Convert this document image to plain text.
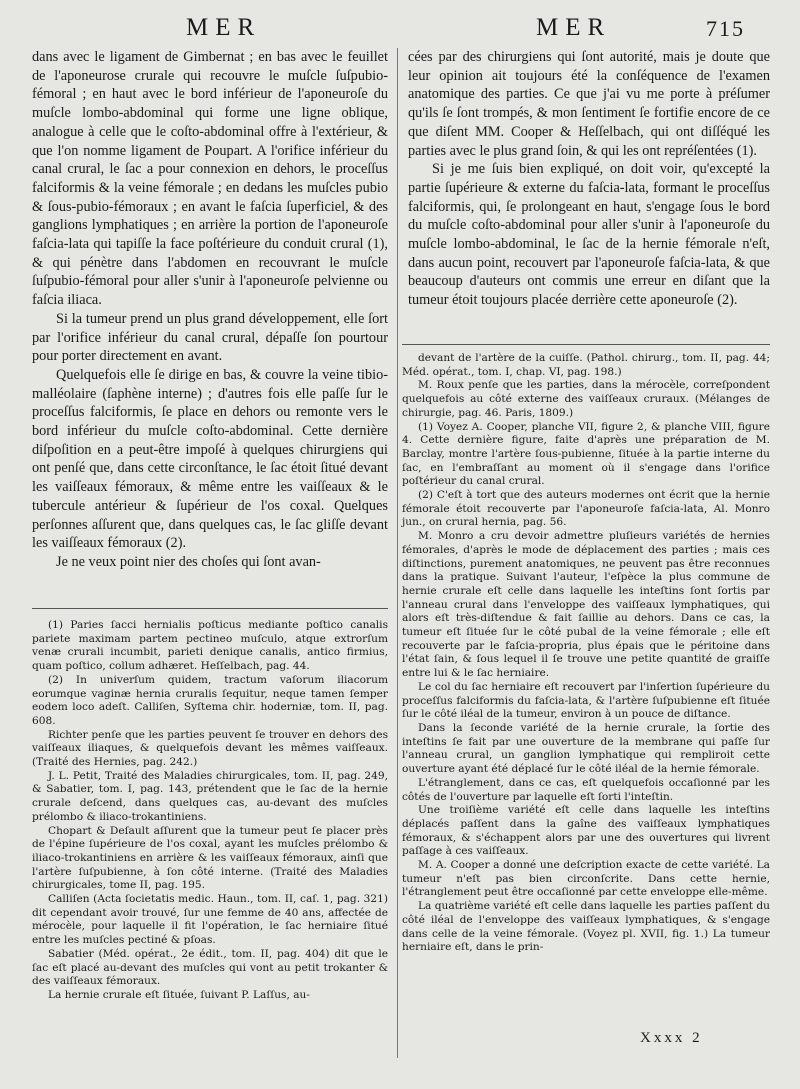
MER	MER	715

dans avec le ligament de Gimbernat ; en bas avec le feuillet de l'aponeurose crurale qui recouvre le muſcle ſuſpubio-fémoral ; en haut avec le bord inférieur de l'aponeuroſe du muſcle lombo-abdominal qui forme une ligne oblique, analogue à celle que le coſto-abdominal offre à l'extérieur, & que l'on nomme ligament de Poupart. A l'orifice inférieur du canal crural, le ſac a pour connexion en dehors, le proceſſus falciformis & la veine fémorale ; en dedans les muſcles pubio & ſous-pubio-fémoraux ; en avant le faſcia ſuperficiel, & des ganglions lymphatiques ; en arrière la portion de l'aponeuroſe faſcia-lata qui tapiſſe la face poſtérieure du conduit crural (1), & qui pénètre dans l'abdomen en recouvrant le muſcle ſuſpubio-fémoral pour aller s'unir à l'aponeuroſe pelvienne ou faſcia iliaca.

Si la tumeur prend un plus grand développement, elle ſort par l'orifice inférieur du canal crural, dépaſſe ſon pourtour pour porter directement en avant.

Quelquefois elle ſe dirige en bas, & couvre la veine tibio-malléolaire (ſaphène interne) ; d'autres fois elle paſſe ſur le proceſſus falciformis, ſe place en dehors ou remonte vers le bord inférieur du muſcle coſto-abdominal. Cette dernière diſpoſition en a peut-être impoſé à quelques chirurgiens qui ont penſé que, dans cette circonſtance, le ſac étoit ſitué devant les vaiſſeaux fémoraux, & même entre les vaiſſeaux & le tubercule antérieur & ſupérieur de l'os coxal. Quelques perſonnes aſſurent que, dans quelques cas, le ſac gliſſe devant les vaiſſeaux fémoraux (2).

Je ne veux point nier des choſes qui ſont avan-

(1) Paries ſacci hernialis poſticus mediante poſtico canalis pariete maximam partem pectineo muſculo, atque extrorſum venæ crurali incumbit, parieti denique canalis, antico firmius, quam poſtico, collum adhæret. Heſſelbach, pag. 44.

(2) In univerſum quidem, tractum vaſorum iliacorum eorumque vaginæ hernia cruralis ſequitur, neque tamen ſemper eodem loco adeſt. Calliſen, Syſtema chir. hoderniæ, tom. II, pag. 608.

Richter penſe que les parties peuvent ſe trouver en dehors des vaiſſeaux iliaques, & quelquefois devant les mêmes vaiſſeaux. (Traité des Hernies, pag. 242.)

J. L. Petit, Traité des Maladies chirurgicales, tom. II, pag. 249, & Sabatier, tom. I, pag. 143, prétendent que le ſac de la hernie crurale deſcend, dans quelques cas, au-devant des muſcles prélombo & iliaco-trokantiniens.

Chopart & Deſault aſſurent que la tumeur peut ſe placer près de l'épine ſupérieure de l'os coxal, ayant les muſcles prélombo & iliaco-trokantiniens en arrière & les vaiſſeaux fémoraux, ainſi que l'artère ſuſpubienne, à ſon côté interne. (Traité des Maladies chirurgicales, tome II, pag. 195.

Calliſen (Acta ſocietatis medic. Haun., tom. II, caſ. 1, pag. 321) dit cependant avoir trouvé, ſur une femme de 40 ans, affectée de mérocèle, pour laquelle il fit l'opération, le ſac herniaire ſitué entre les muſcles pectiné & pſoas.

Sabatier (Méd. opérat., 2e édit., tom. II, pag. 404) dit que le ſac eſt placé au-devant des muſcles qui vont au petit trokanter & des vaiſſeaux fémoraux.

La hernie crurale eſt ſituée, ſuivant P. Laſſus, au-

cées par des chirurgiens qui ſont autorité, mais je doute que leur opinion ait toujours été la conſéquence de l'examen anatomique des parties. Ce que j'ai vu me porte à préſumer qu'ils ſe ſont trompés, & mon ſentiment ſe fortifie encore de ce que diſent MM. Cooper & Heſſelbach, qui ont diſſéqué les parties avec le plus grand ſoin, & qui les ont repréſentées (1).

Si je me ſuis bien expliqué, on doit voir, qu'excepté la partie ſupérieure & externe du faſcia-lata, formant le proceſſus falciformis, qui, ſe prolongeant en haut, s'engage ſous le bord du muſcle coſto-abdominal pour aller s'unir à l'aponeuroſe du muſcle lombo-abdominal, le ſac de la hernie fémorale n'eſt, dans aucun point, recouvert par l'aponeuroſe faſcia-lata, & que beaucoup d'auteurs ont commis une erreur en diſant que la tumeur étoit toujours placée derrière cette aponeuroſe (2).

devant de l'artère de la cuiſſe. (Pathol. chirurg., tom. II, pag. 44; Méd. opérat., tom. I, chap. VI, pag. 198.)

M. Roux penſe que les parties, dans la mérocèle, correſpondent quelquefois au côté externe des vaiſſeaux cruraux. (Mélanges de chirurgie, pag. 46. Paris, 1809.)

(1) Voyez A. Cooper, planche VII, figure 2, & planche VIII, figure 4. Cette dernière figure, faite d'après une préparation de M. Barclay, montre l'artère ſous-pubienne, ſituée à la partie interne du ſac, en l'embraſſant au moment où il s'engage dans l'orifice poſtérieur du canal crural.

(2) C'eſt à tort que des auteurs modernes ont écrit que la hernie fémorale étoit recouverte par l'aponeuroſe faſcia-lata, Al. Monro jun., on crural hernia, pag. 56.

M. Monro a cru devoir admettre pluſieurs variétés de hernies fémorales, d'après le mode de déplacement des parties ; mais ces diſtinctions, purement anatomiques, ne peuvent pas être reconnues dans la pratique. Suivant l'auteur, l'eſpèce la plus commune de hernie crurale eſt celle dans laquelle les inteſtins ſont ſortis par l'anneau crural dans l'enveloppe des vaiſſeaux lymphatiques, qui alors eſt très-diſtendue & fait ſaillie au dehors. Dans ce cas, la tumeur eſt ſituée ſur le côté pubal de la veine fémorale ; elle eſt recouverte par le faſcia-propria, plus épais que le péritoine dans l'état ſain, & ſous lequel il ſe trouve une petite quantité de graiſſe entre lui & le ſac herniaire.

Le col du ſac herniaire eſt recouvert par l'inſertion ſupérieure du proceſſus falciformis du faſcia-lata, & l'artère ſuſpubienne eſt ſituée ſur le côté iléal de la tumeur, environ à un pouce de diſtance.

Dans la ſeconde variété de la hernie crurale, la ſortie des inteſtins ſe fait par une ouverture de la membrane qui paſſe ſur l'anneau crural, un ganglion lymphatique qui rempliroit cette ouverture ayant été déplacé ſur le côté iléal de la hernie fémorale.

L'étranglement, dans ce cas, eſt quelquefois occaſionné par les côtés de l'ouverture par laquelle eſt ſorti l'inteſtin.

Une troiſième variété eſt celle dans laquelle les inteſtins déplacés paſſent dans la gaîne des vaiſſeaux lymphatiques fémoraux, & s'échappent alors par une des ouvertures qui livrent paſſage à ces vaiſſeaux.

M. A. Cooper a donné une deſcription exacte de cette variété. La tumeur n'eſt pas bien circonſcrite. Dans cette hernie, l'étranglement peut être occaſionné par cette enveloppe elle-même.

La quatrième variété eſt celle dans laquelle les parties paſſent du côté iléal de l'enveloppe des vaiſſeaux lymphatiques, & s'engage dans celle de la veine fémorale. (Voyez pl. XVII, fig. 1.) La tumeur herniaire eſt, dans le prin-

Xxxx 2
